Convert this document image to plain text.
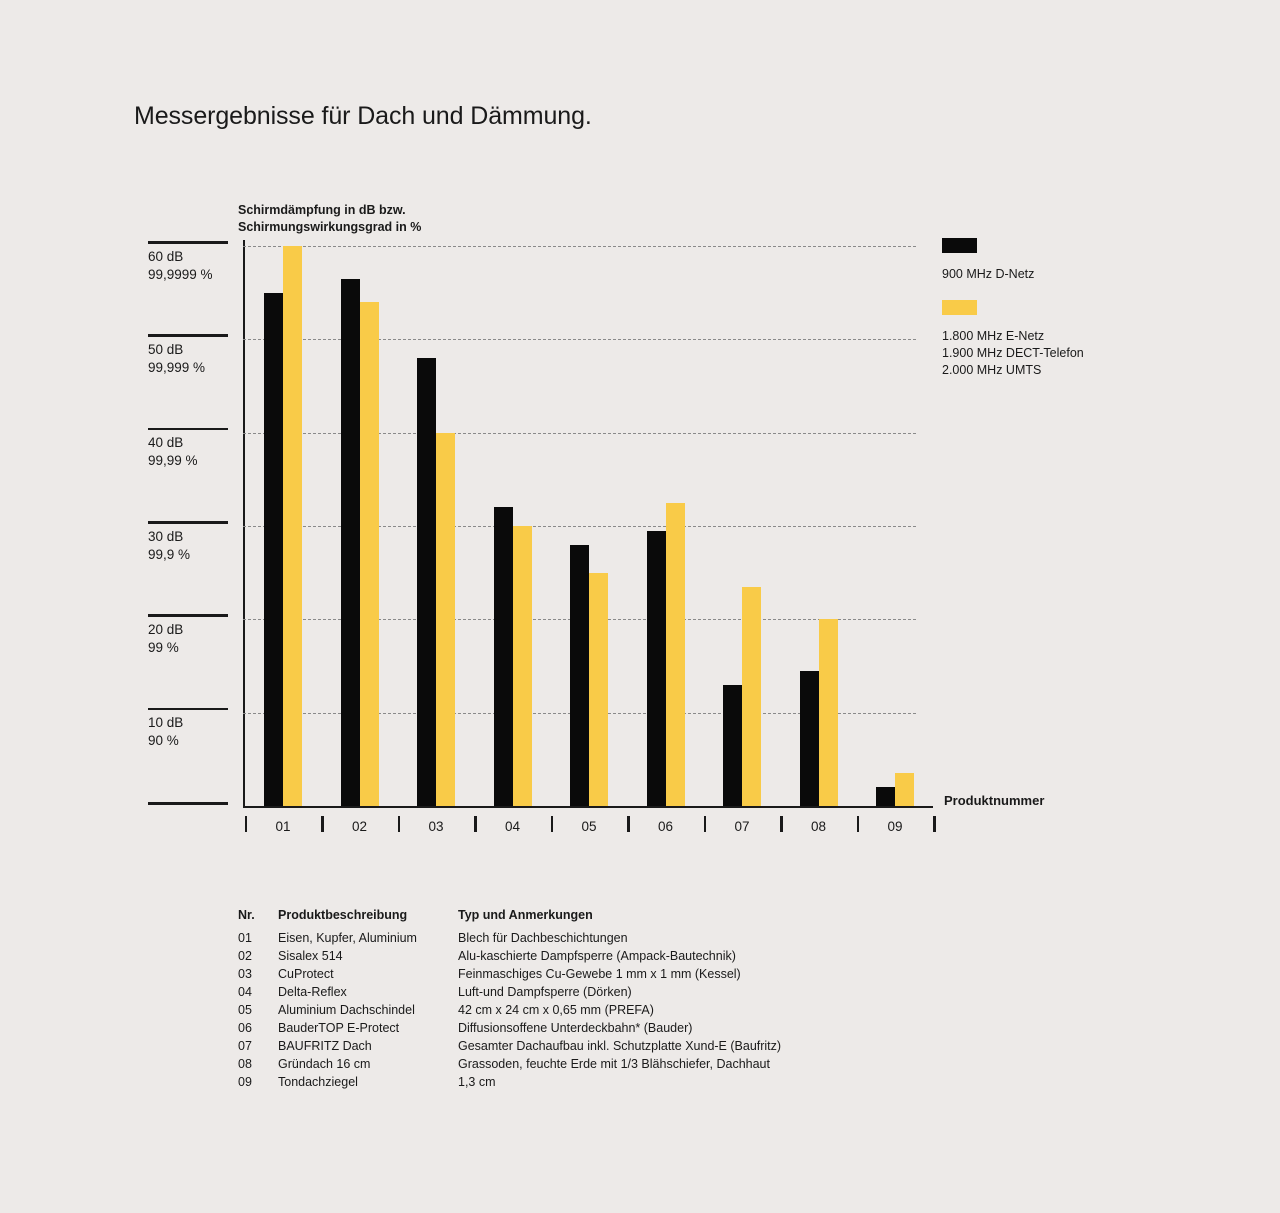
Messergebnisse für Dach und Dämmung.
Schirmdämpfung in dB bzw.
Schirmungswirkungsgrad in %
60 dB
99,9999 %
50 dB
99,999 %
40 dB
99,99 %
30 dB
99,9 %
20 dB
99 %
10 dB
90 %
01	02	03	04	05	06	07	08	09
Produktnummer
900 MHz D-Netz
1.800 MHz E-Netz
1.900 MHz DECT-Telefon
2.000 MHz UMTS
Nr.	Produktbeschreibung	Typ und Anmerkungen
01	Eisen, Kupfer, Aluminium	Blech für Dachbeschichtungen
02	Sisalex 514	Alu-kaschierte Dampfsperre (Ampack-Bautechnik)
03	CuProtect	Feinmaschiges Cu-Gewebe 1 mm x 1 mm (Kessel)
04	Delta-Reflex	Luft-und Dampfsperre (Dörken)
05	Aluminium Dachschindel	42 cm x 24 cm x 0,65 mm (PREFA)
06	BauderTOP E-Protect	Diffusionsoffene Unterdeckbahn* (Bauder)
07	BAUFRITZ Dach	Gesamter Dachaufbau inkl. Schutzplatte Xund-E (Baufritz)
08	Gründach 16 cm	Grassoden, feuchte Erde mit 1/3 Blähschiefer, Dachhaut
09	Tondachziegel	1,3 cm
